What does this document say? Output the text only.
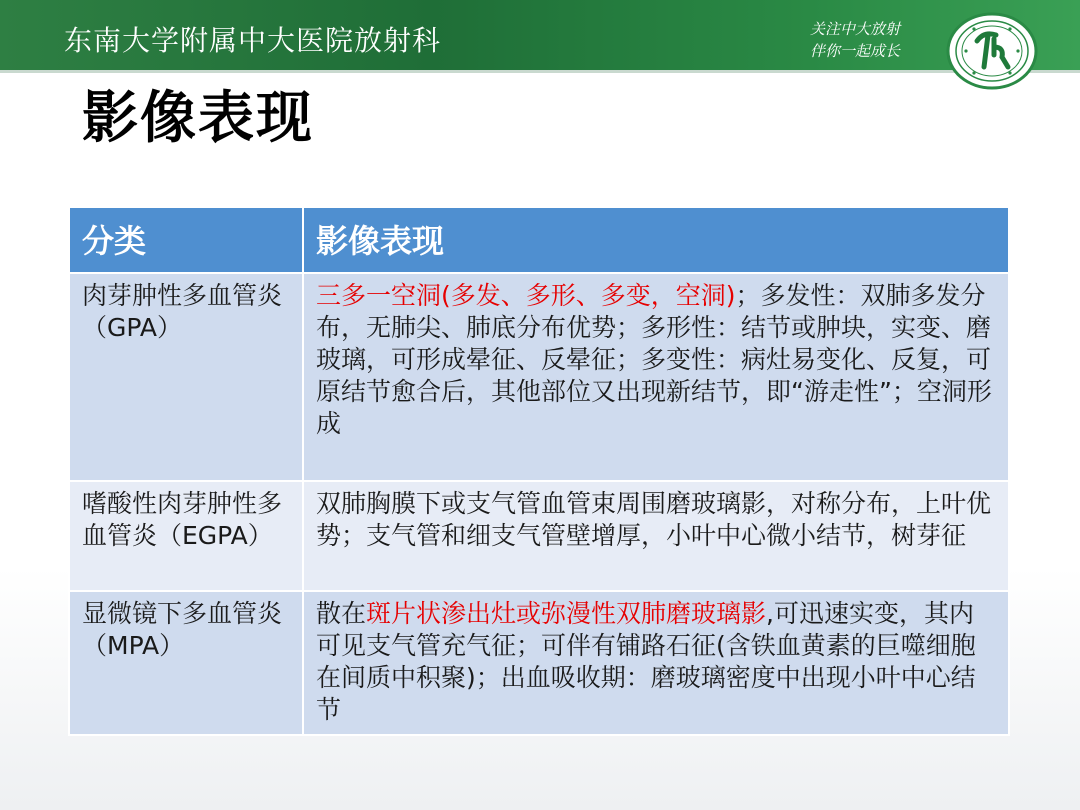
东南大学附属中大医院放射科	关注中大放射
伴你一起成长
影像表现
分类	影像表现
肉芽肿性多血管炎（GPA）	三多一空洞(多发、多形、多变，空洞)；多发性：双肺多发分布，无肺尖、肺底分布优势；多形性：结节或肿块，实变、磨玻璃，可形成晕征、反晕征；多变性：病灶易变化、反复，可原结节愈合后，其他部位又出现新结节，即“游走性”；空洞形成
嗜酸性肉芽肿性多血管炎（EGPA）	双肺胸膜下或支气管血管束周围磨玻璃影，对称分布，上叶优势；支气管和细支气管壁增厚，小叶中心微小结节，树芽征
显微镜下多血管炎（MPA）	散在斑片状渗出灶或弥漫性双肺磨玻璃影,可迅速实变，其内可见支气管充气征；可伴有铺路石征(含铁血黄素的巨噬细胞在间质中积聚)；出血吸收期：磨玻璃密度中出现小叶中心结节
